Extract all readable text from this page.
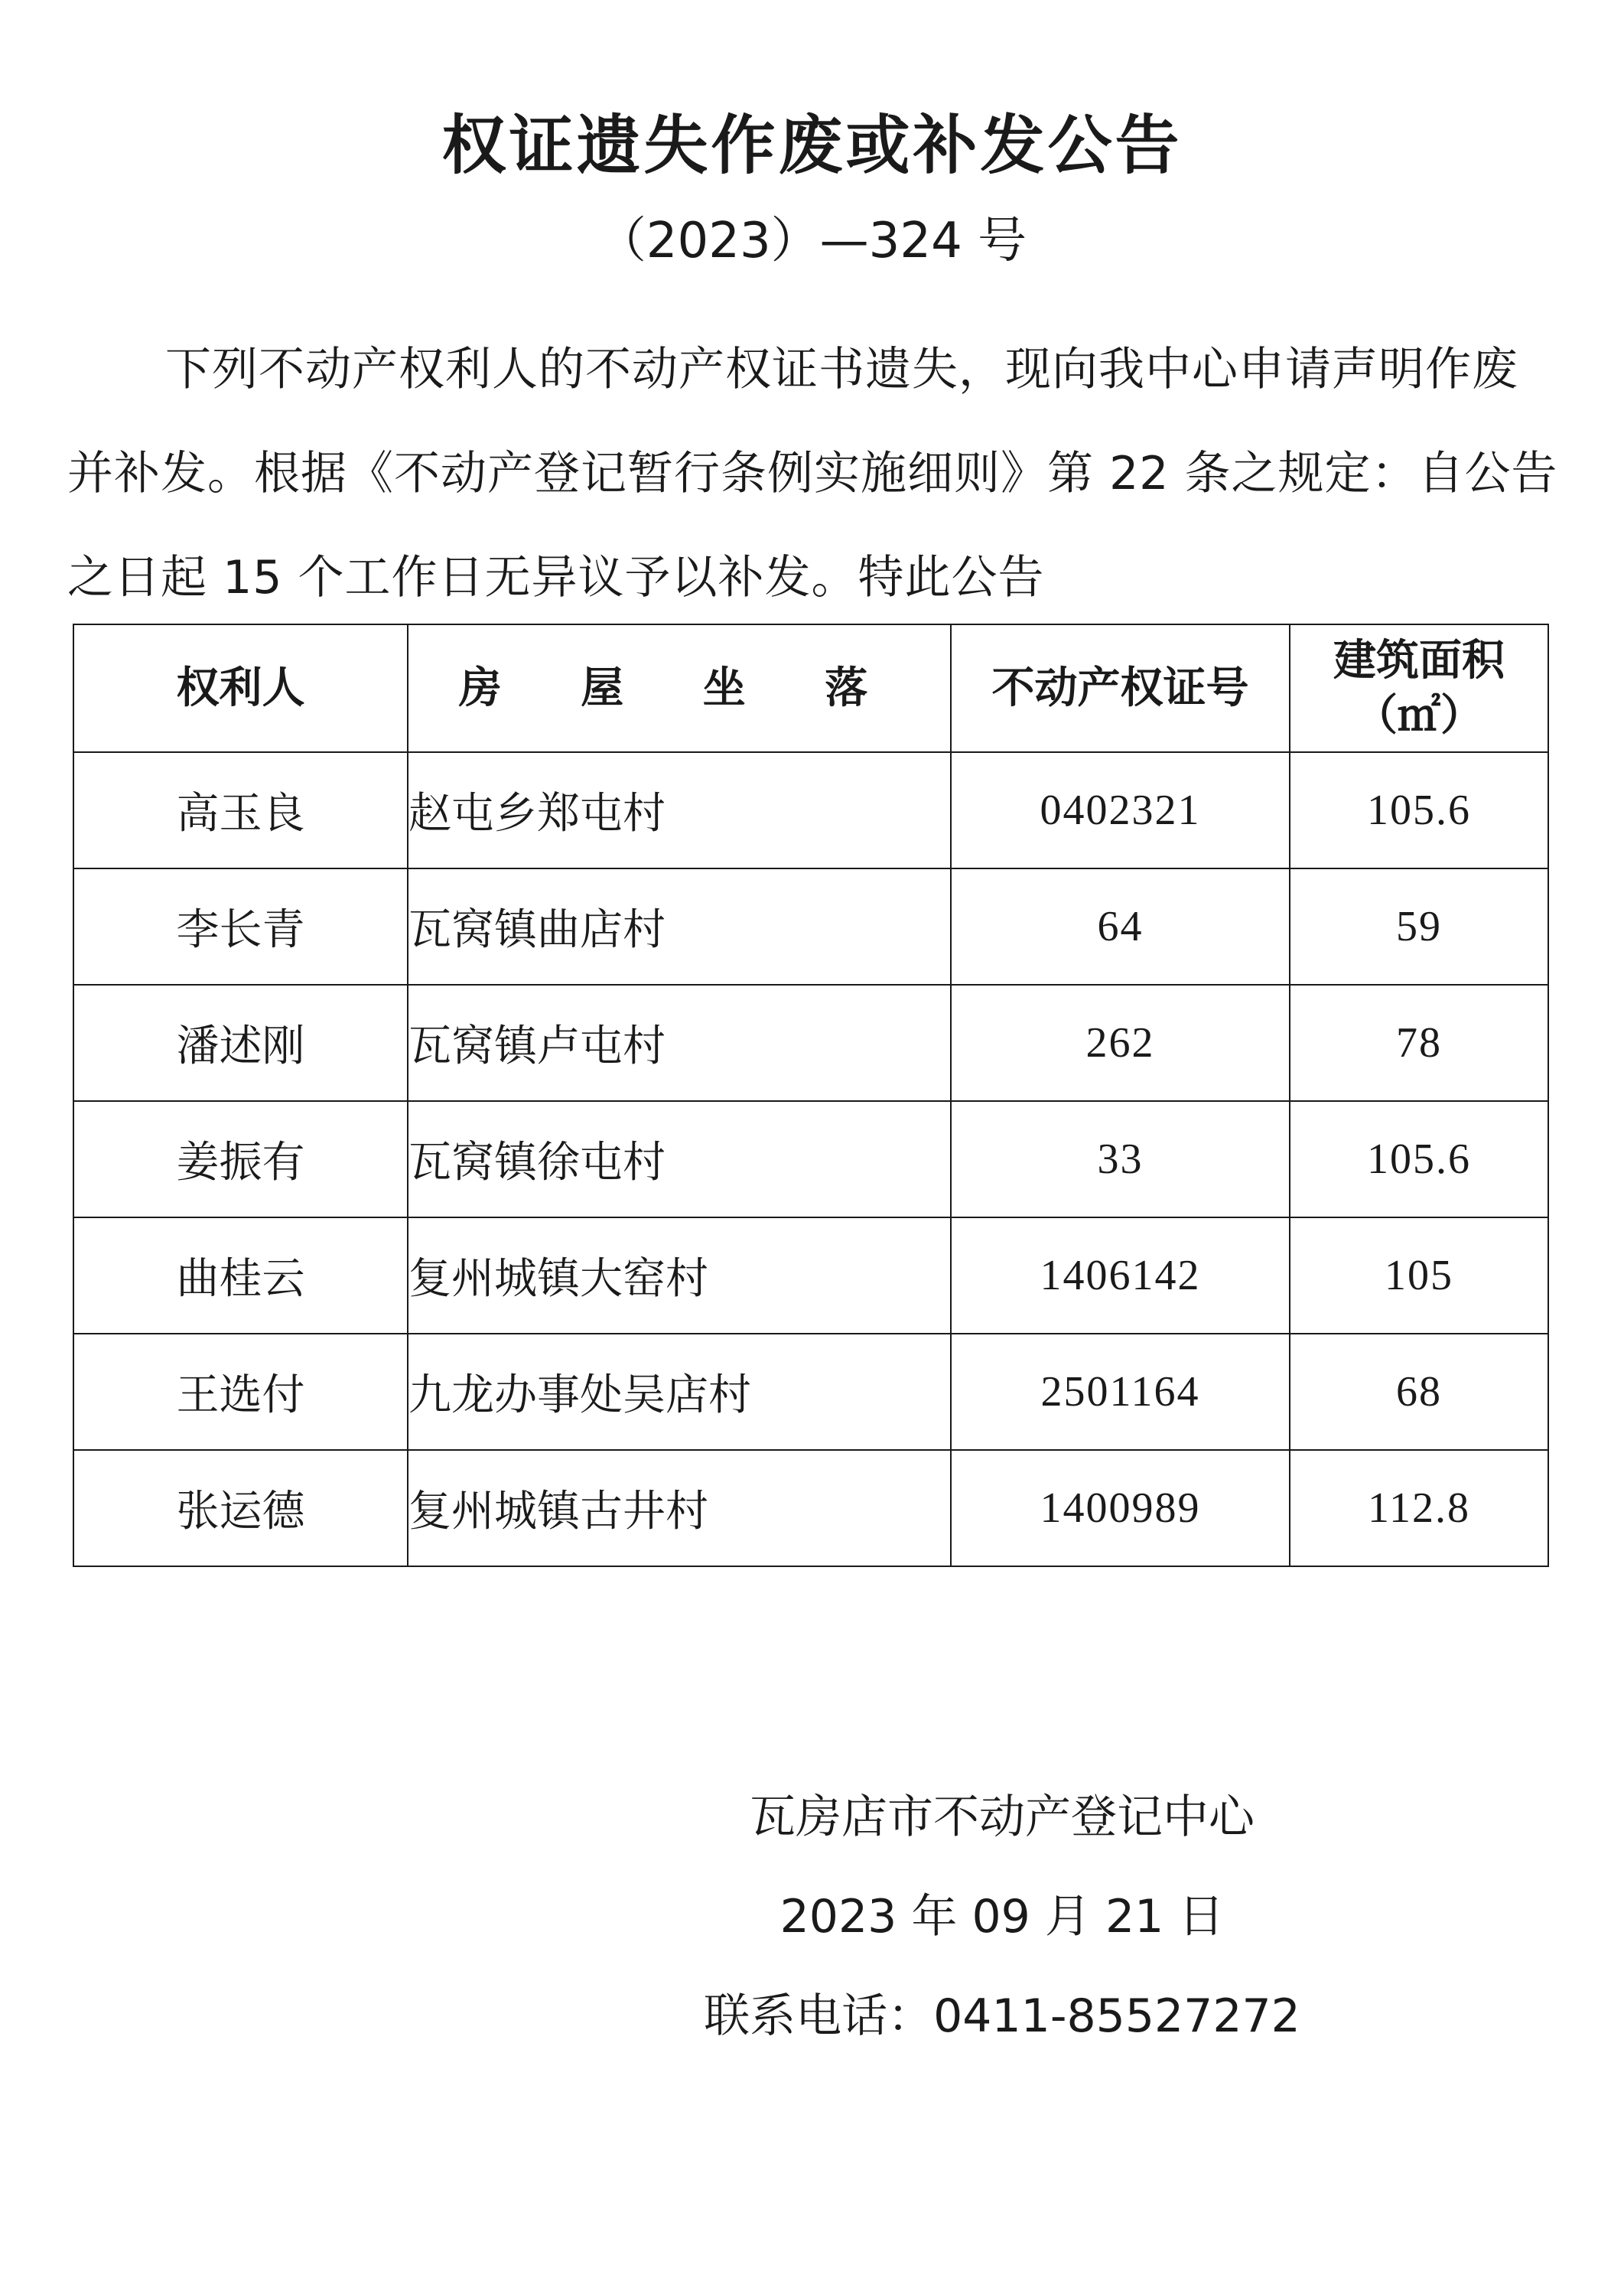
权证遗失作废或补发公告
（2023）—324 号
下列不动产权利人的不动产权证书遗失，现向我中心申请声明作废并补发。根据《不动产登记暂行条例实施细则》第 22 条之规定：自公告之日起 15 个工作日无异议予以补发。特此公告
权利人	房 屋 坐 落	不动产权证号	建筑面积
（㎡）

高玉良	赵屯乡郑屯村	0402321	105.6
李长青	瓦窝镇曲店村	64	59
潘述刚	瓦窝镇卢屯村	262	78
姜振有	瓦窝镇徐屯村	33	105.6
曲桂云	复州城镇大窑村	1406142	105
王选付	九龙办事处吴店村	2501164	68
张运德	复州城镇古井村	1400989	112.8
瓦房店市不动产登记中心
2023 年 09 月 21 日
联系电话：0411-85527272
